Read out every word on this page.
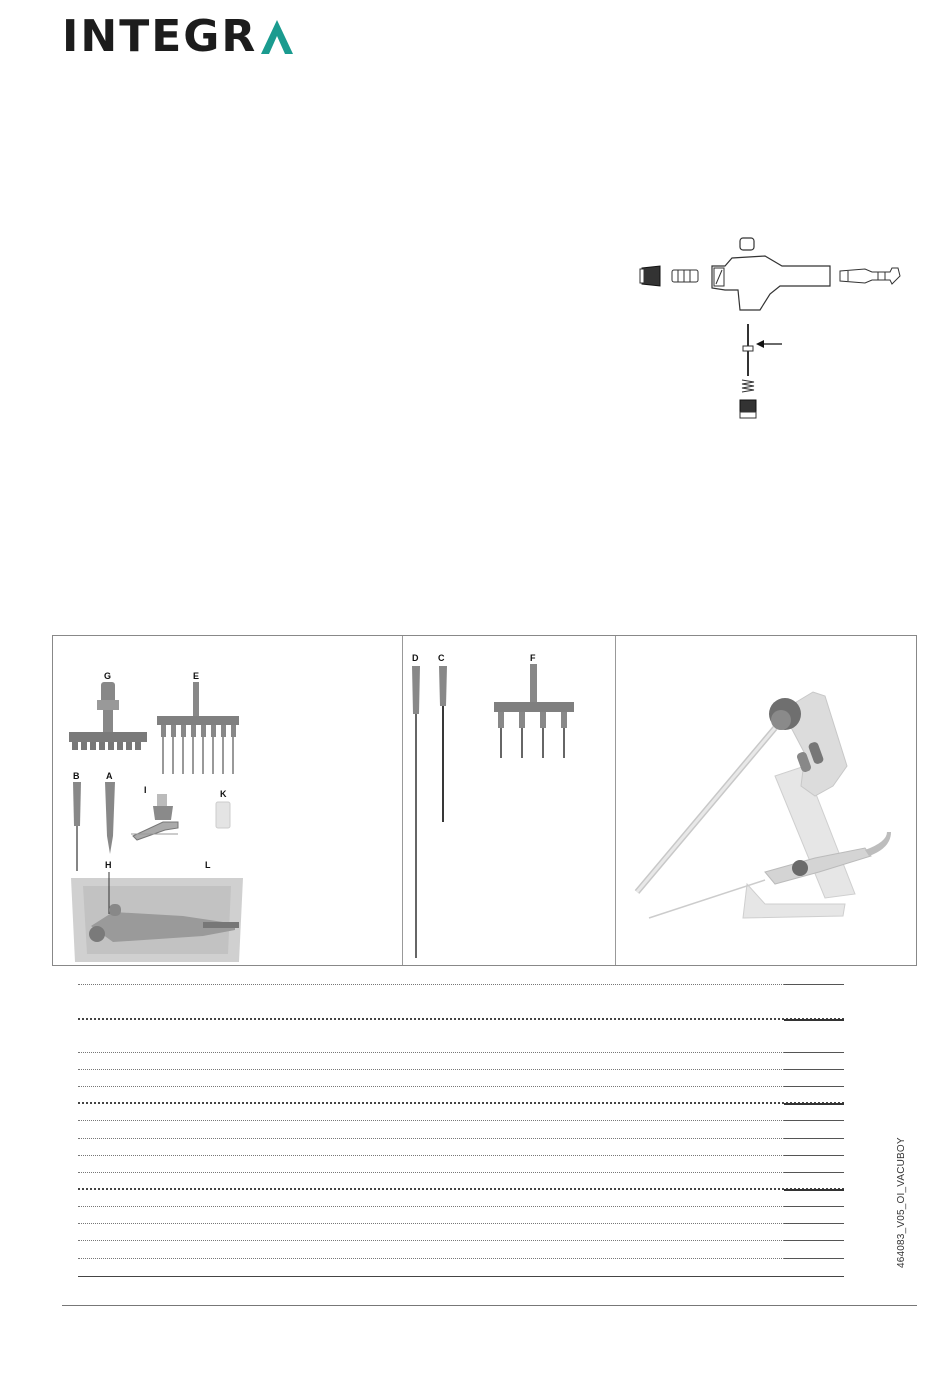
INTEGR
G	E
B	A
I	K
H	L
D C	F
464083_V05_OI_VACUBOY
